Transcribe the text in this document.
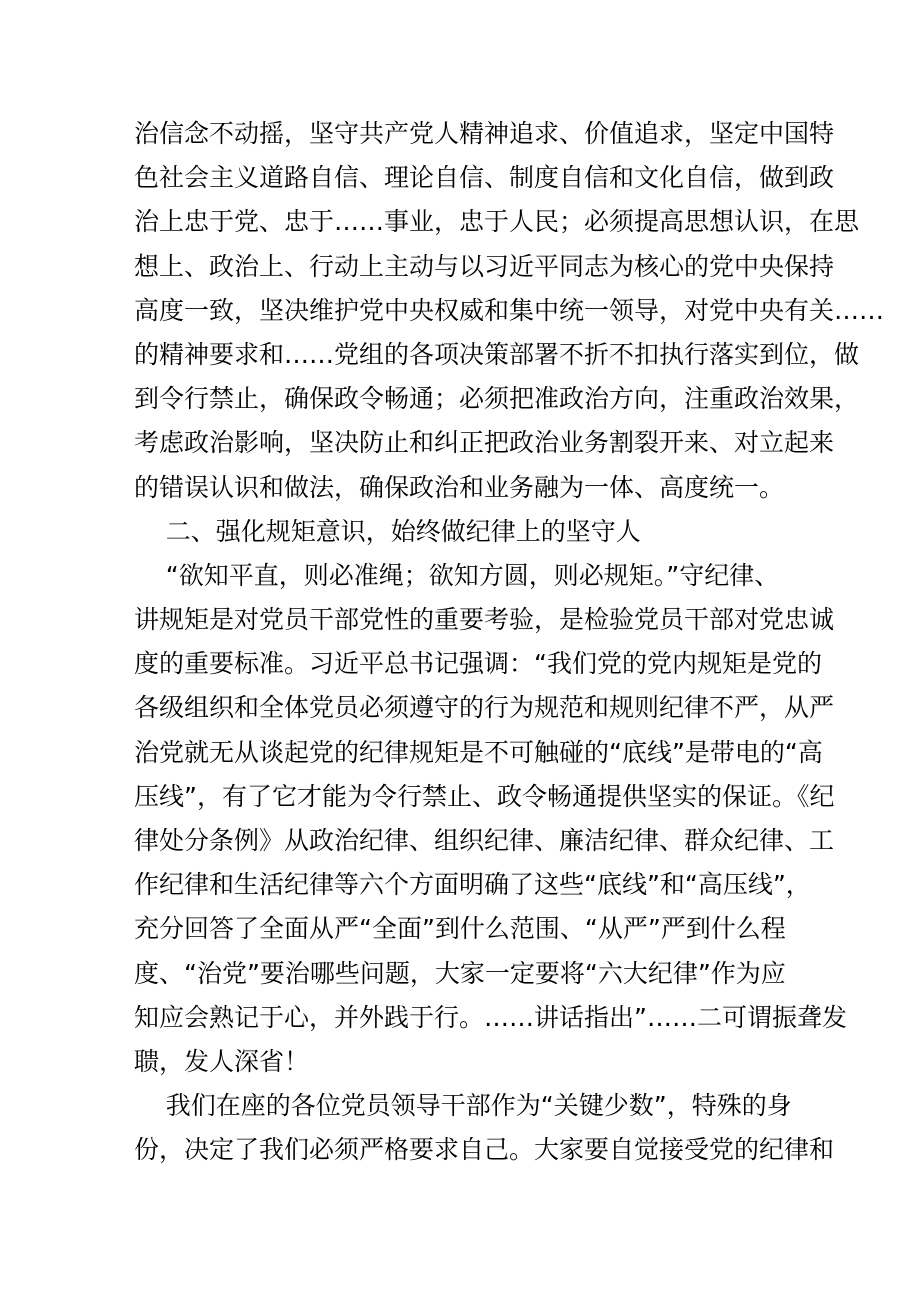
治信念不动摇，坚守共产党人精神追求、价值追求，坚定中国特
色社会主义道路自信、理论自信、制度自信和文化自信，做到政
治上忠于党、忠于……事业，忠于人民；必须提高思想认识，在思
想上、政治上、行动上主动与以习近平同志为核心的党中央保持
高度一致，坚决维护党中央权威和集中统一领导，对党中央有关……
的精神要求和……党组的各项决策部署不折不扣执行落实到位，做
到令行禁止，确保政令畅通；必须把准政治方向，注重政治效果，
考虑政治影响，坚决防止和纠正把政治业务割裂开来、对立起来
的错误认识和做法，确保政治和业务融为一体、高度统一。
二、强化规矩意识，始终做纪律上的坚守人
“欲知平直，则必准绳；欲知方圆，则必规矩。”守纪律、
讲规矩是对党员干部党性的重要考验，是检验党员干部对党忠诚
度的重要标准。习近平总书记强调：“我们党的党内规矩是党的
各级组织和全体党员必须遵守的行为规范和规则纪律不严，从严
治党就无从谈起党的纪律规矩是不可触碰的“底线”是带电的“高
压线”，有了它才能为令行禁止、政令畅通提供坚实的保证。《纪
律处分条例》从政治纪律、组织纪律、廉洁纪律、群众纪律、工
作纪律和生活纪律等六个方面明确了这些“底线”和“高压线”，
充分回答了全面从严“全面”到什么范围、“从严”严到什么程
度、“治党”要治哪些问题，大家一定要将“六大纪律”作为应
知应会熟记于心，并外践于行。……讲话指出”……二可谓振聋发
聩，发人深省！
我们在座的各位党员领导干部作为“关键少数”，特殊的身
份，决定了我们必须严格要求自己。大家要自觉接受党的纪律和
